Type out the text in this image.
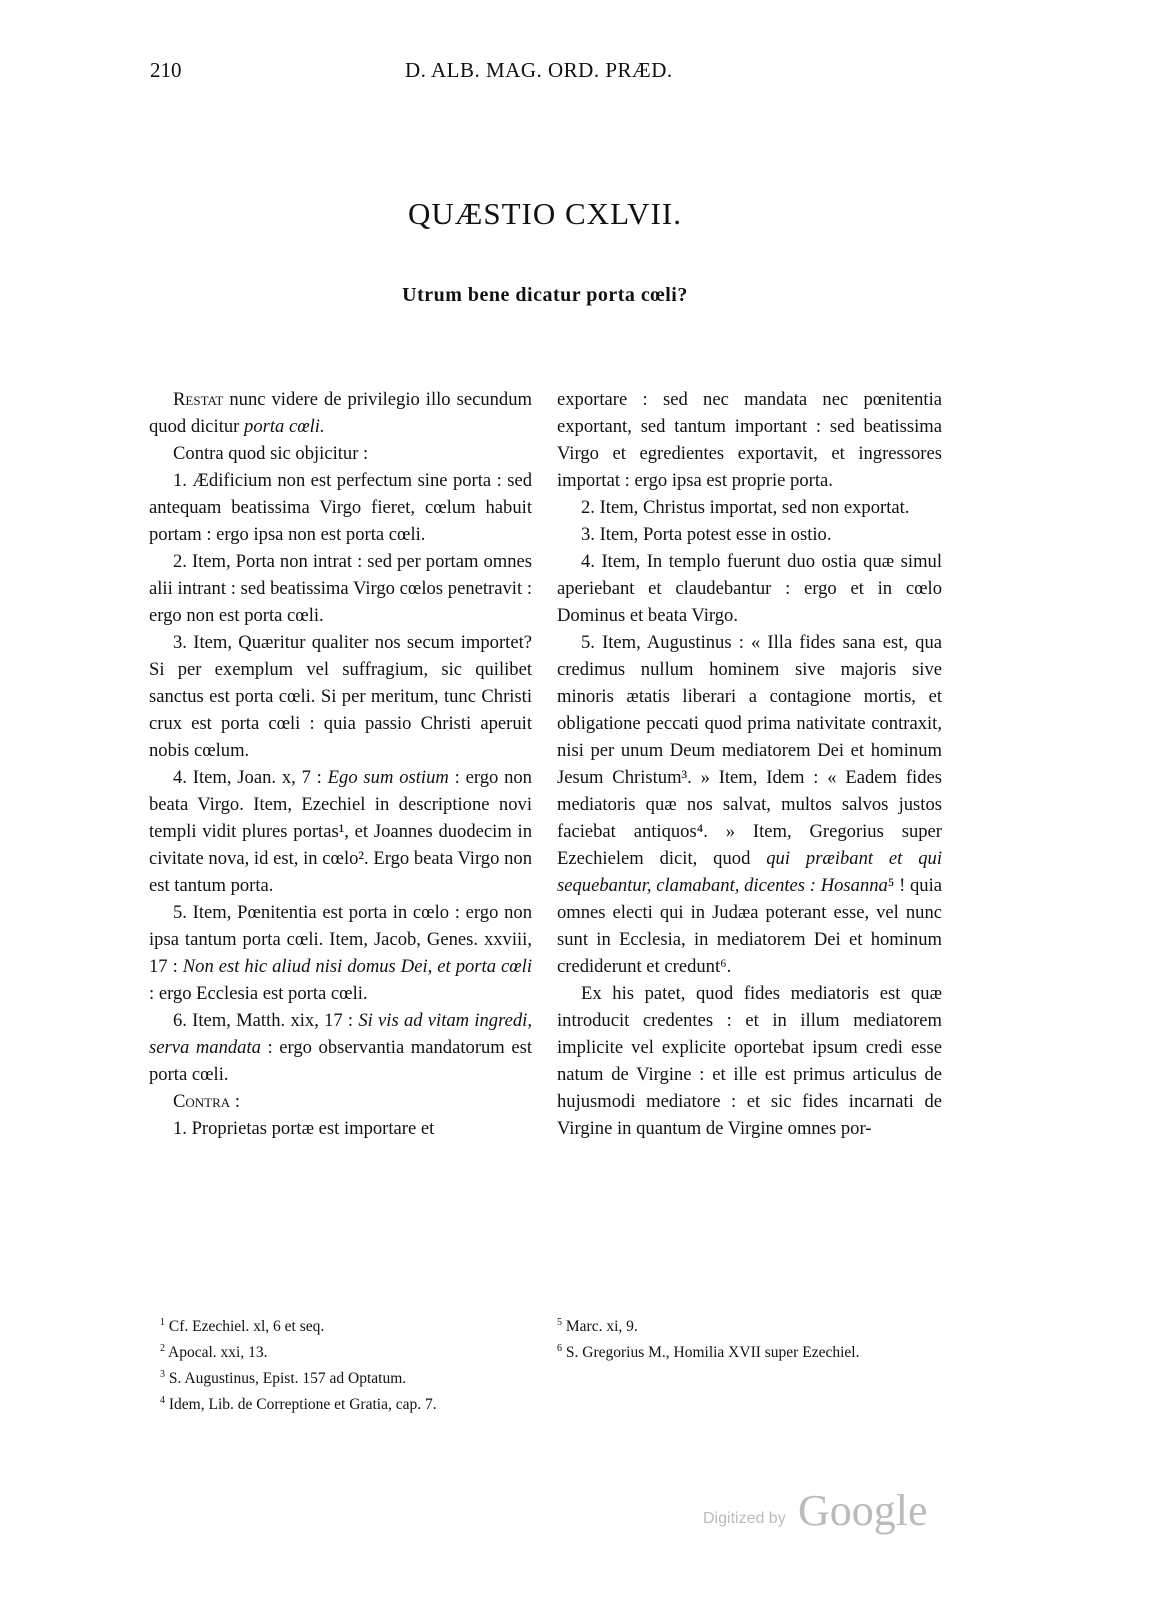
210	D. ALB. MAG. ORD. PRÆD.
QUÆSTIO CXLVII.
Utrum bene dicatur porta cœli?

Restat nunc videre de privilegio illo secundum quod dicitur porta cœli.

Contra quod sic objicitur :

1. Ædificium non est perfectum sine porta : sed antequam beatissima Virgo fieret, cœlum habuit portam : ergo ipsa non est porta cœli.

2. Item, Porta non intrat : sed per portam omnes alii intrant : sed beatissima Virgo cœlos penetravit : ergo non est porta cœli.

3. Item, Quæritur qualiter nos secum importet? Si per exemplum vel suffragium, sic quilibet sanctus est porta cœli. Si per meritum, tunc Christi crux est porta cœli : quia passio Christi aperuit nobis cœlum.

4. Item, Joan. x, 7 : Ego sum ostium : ergo non beata Virgo. Item, Ezechiel in descriptione novi templi vidit plures portas¹, et Joannes duodecim in civitate nova, id est, in cœlo². Ergo beata Virgo non est tantum porta.

5. Item, Pœnitentia est porta in cœlo : ergo non ipsa tantum porta cœli. Item, Jacob, Genes. xxviii, 17 : Non est hic aliud nisi domus Dei, et porta cœli : ergo Ecclesia est porta cœli.

6. Item, Matth. xix, 17 : Si vis ad vitam ingredi, serva mandata : ergo observantia mandatorum est porta cœli.

Contra :

1. Proprietas portæ est importare et

exportare : sed nec mandata nec pœnitentia exportant, sed tantum important : sed beatissima Virgo et egredientes exportavit, et ingressores importat : ergo ipsa est proprie porta.

2. Item, Christus importat, sed non exportat.

3. Item, Porta potest esse in ostio.

4. Item, In templo fuerunt duo ostia quæ simul aperiebant et claudebantur : ergo et in cœlo Dominus et beata Virgo.

5. Item, Augustinus : « Illa fides sana est, qua credimus nullum hominem sive majoris sive minoris ætatis liberari a contagione mortis, et obligatione peccati quod prima nativitate contraxit, nisi per unum Deum mediatorem Dei et hominum Jesum Christum³. » Item, Idem : « Eadem fides mediatoris quæ nos salvat, multos salvos justos faciebat antiquos⁴. » Item, Gregorius super Ezechielem dicit, quod qui præibant et qui sequebantur, clamabant, dicentes : Hosanna⁵ ! quia omnes electi qui in Judæa poterant esse, vel nunc sunt in Ecclesia, in mediatorem Dei et hominum crediderunt et credunt⁶.

Ex his patet, quod fides mediatoris est quæ introducit credentes : et in illum mediatorem implicite vel explicite oportebat ipsum credi esse natum de Virgine : et ille est primus articulus de hujusmodi mediatore : et sic fides incarnati de Virgine in quantum de Virgine omnes por-

$^1$ Cf. Ezechiel. xl, 6 et seq.

$^2$ Apocal. xxi, 13.

$^3$ S. Augustinus, Epist. 157 ad Optatum.

$^4$ Idem, Lib. de Correptione et Gratia, cap. 7.

$^5$ Marc. xi, 9.

$^6$ S. Gregorius M., Homilia XVII super Ezechiel.

Digitized by Google
